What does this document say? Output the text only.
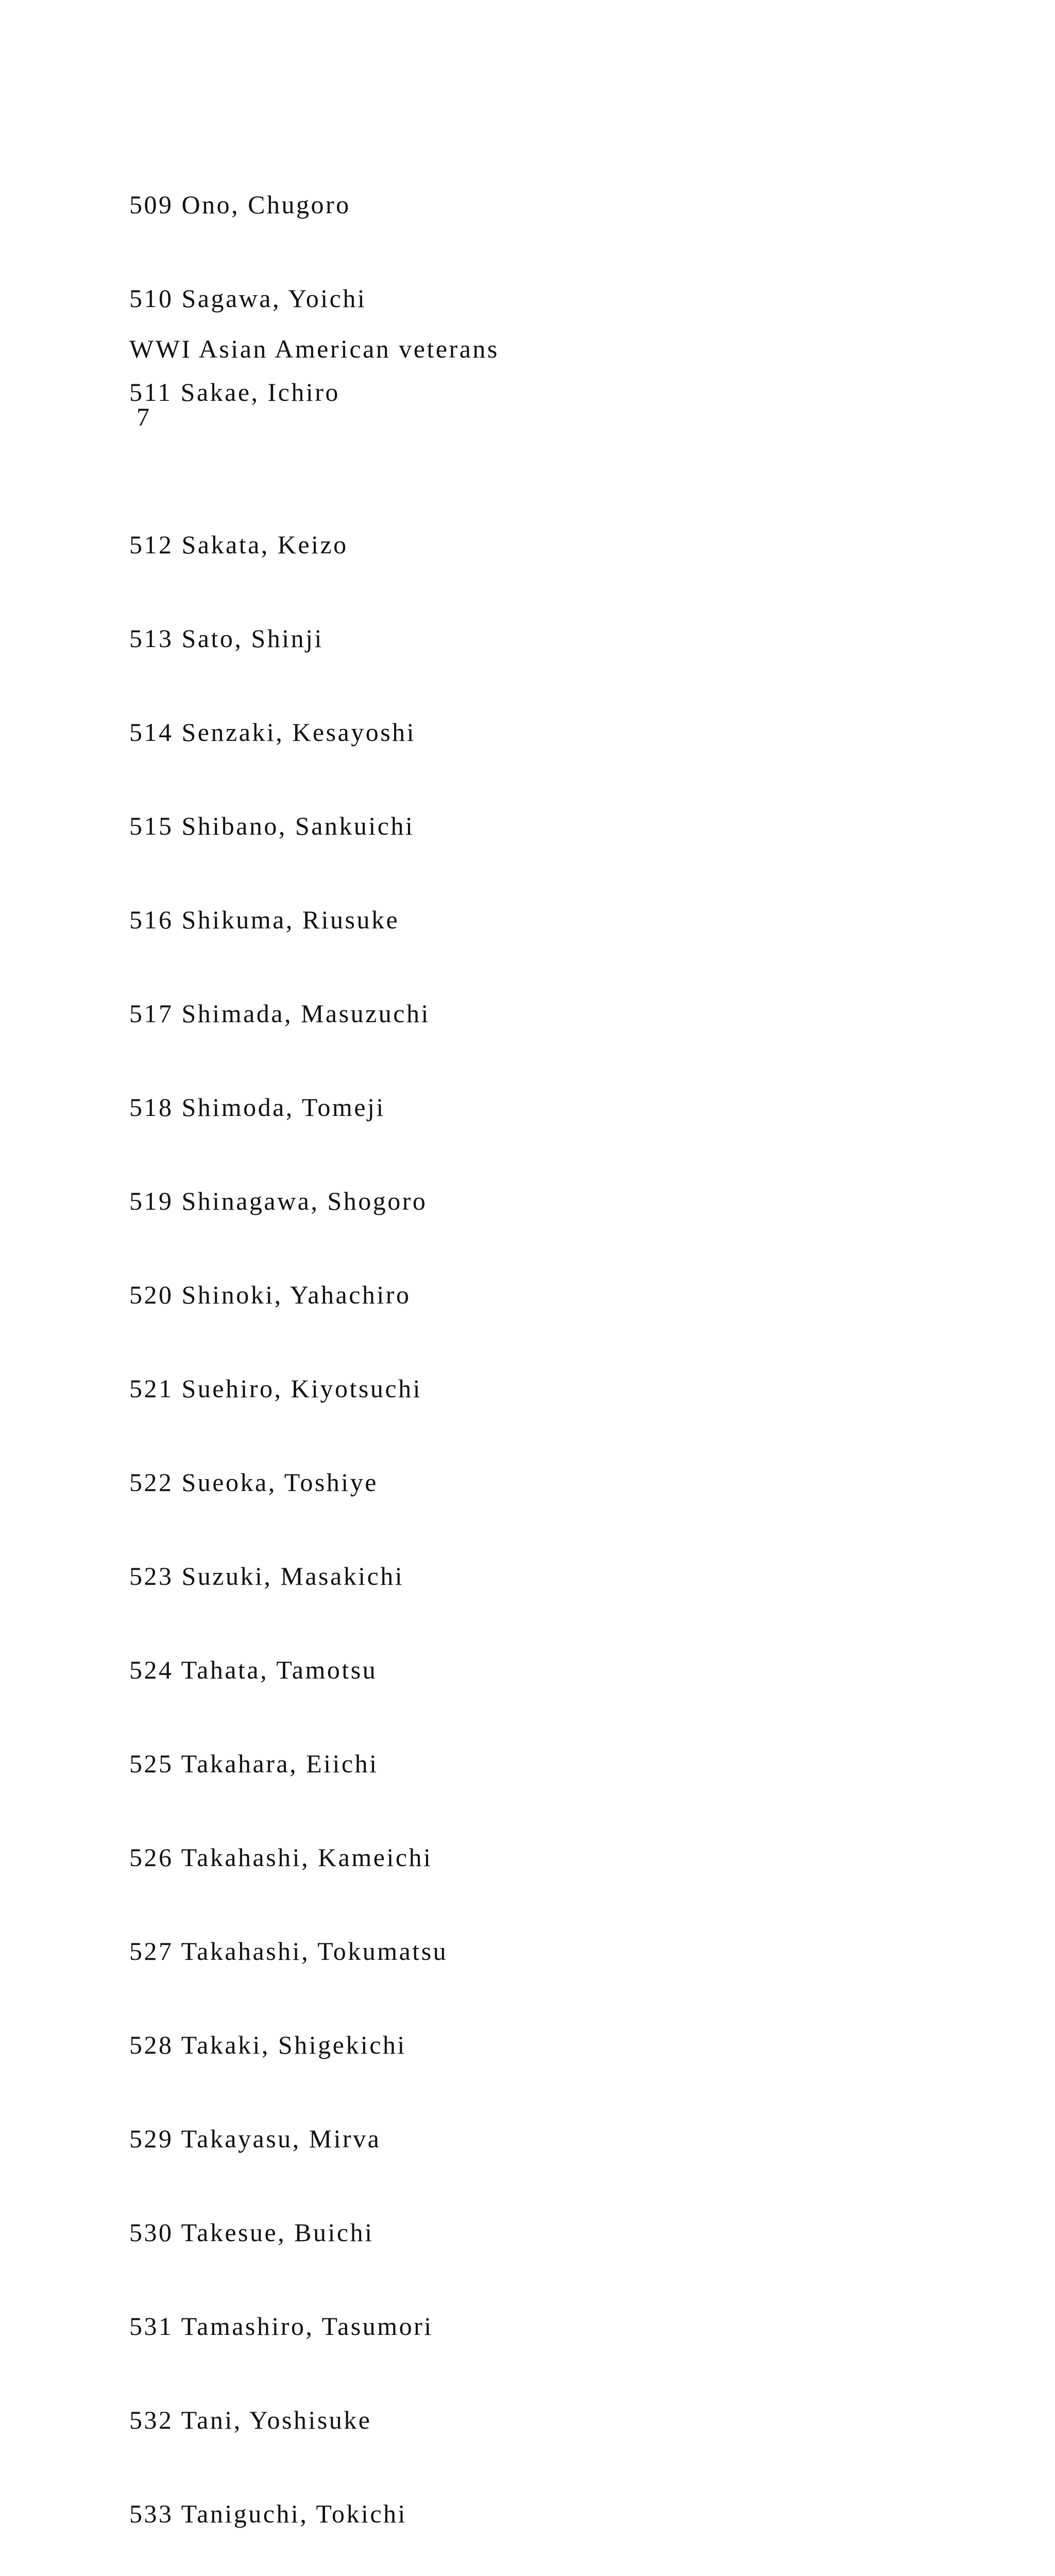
509 Ono, Chugoro

510 Sagawa, Yoichi

511 Sakae, Ichiro

WWI Asian American veterans
7

512 Sakata, Keizo

513 Sato, Shinji

514 Senzaki, Kesayoshi

515 Shibano, Sankuichi

516 Shikuma, Riusuke

517 Shimada, Masuzuchi

518 Shimoda, Tomeji

519 Shinagawa, Shogoro

520 Shinoki, Yahachiro

521 Suehiro, Kiyotsuchi

522 Sueoka, Toshiye

523 Suzuki, Masakichi

524 Tahata, Tamotsu

525 Takahara, Eiichi

526 Takahashi, Kameichi

527 Takahashi, Tokumatsu

528 Takaki, Shigekichi

529 Takayasu, Mirva

530 Takesue, Buichi

531 Tamashiro, Tasumori

532 Tani, Yoshisuke

533 Taniguchi, Tokichi
